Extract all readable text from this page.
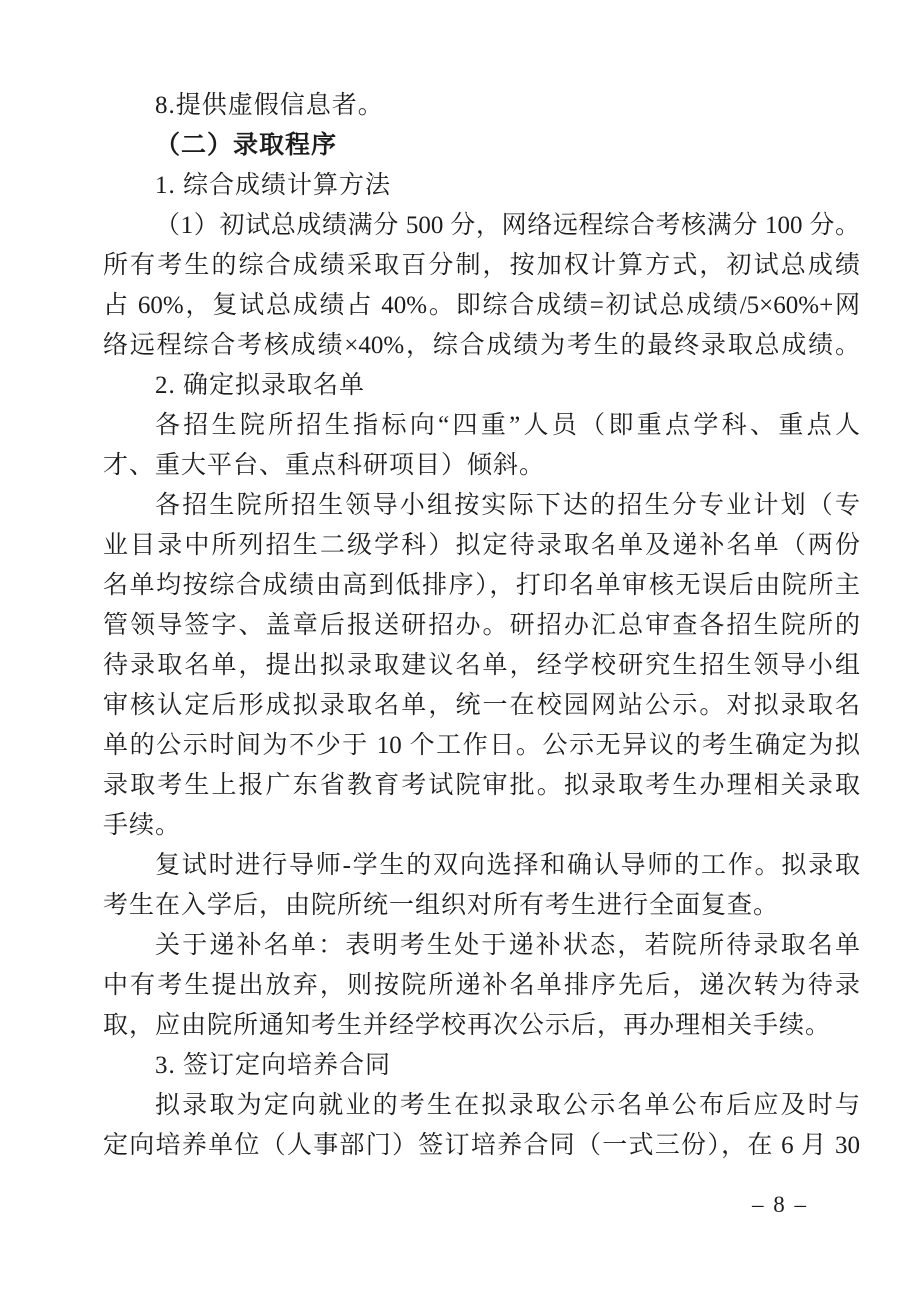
8.提供虚假信息者。
（二）录取程序
1. 综合成绩计算方法
（1）初试总成绩满分 500 分，网络远程综合考核满分 100 分。
所有考生的综合成绩采取百分制，按加权计算方式，初试总成绩
占 60%，复试总成绩占 40%。即综合成绩=初试总成绩/5×60%+网
络远程综合考核成绩×40%，综合成绩为考生的最终录取总成绩。
2. 确定拟录取名单
各招生院所招生指标向“四重”人员（即重点学科、重点人
才、重大平台、重点科研项目）倾斜。
各招生院所招生领导小组按实际下达的招生分专业计划（专
业目录中所列招生二级学科）拟定待录取名单及递补名单（两份
名单均按综合成绩由高到低排序），打印名单审核无误后由院所主
管领导签字、盖章后报送研招办。研招办汇总审查各招生院所的
待录取名单，提出拟录取建议名单，经学校研究生招生领导小组
审核认定后形成拟录取名单，统一在校园网站公示。对拟录取名
单的公示时间为不少于 10 个工作日。公示无异议的考生确定为拟
录取考生上报广东省教育考试院审批。拟录取考生办理相关录取
手续。
复试时进行导师-学生的双向选择和确认导师的工作。拟录取
考生在入学后，由院所统一组织对所有考生进行全面复查。
关于递补名单：表明考生处于递补状态，若院所待录取名单
中有考生提出放弃，则按院所递补名单排序先后，递次转为待录
取，应由院所通知考生并经学校再次公示后，再办理相关手续。
3. 签订定向培养合同
拟录取为定向就业的考生在拟录取公示名单公布后应及时与
定向培养单位（人事部门）签订培养合同（一式三份），在 6 月 30
– 8 –
